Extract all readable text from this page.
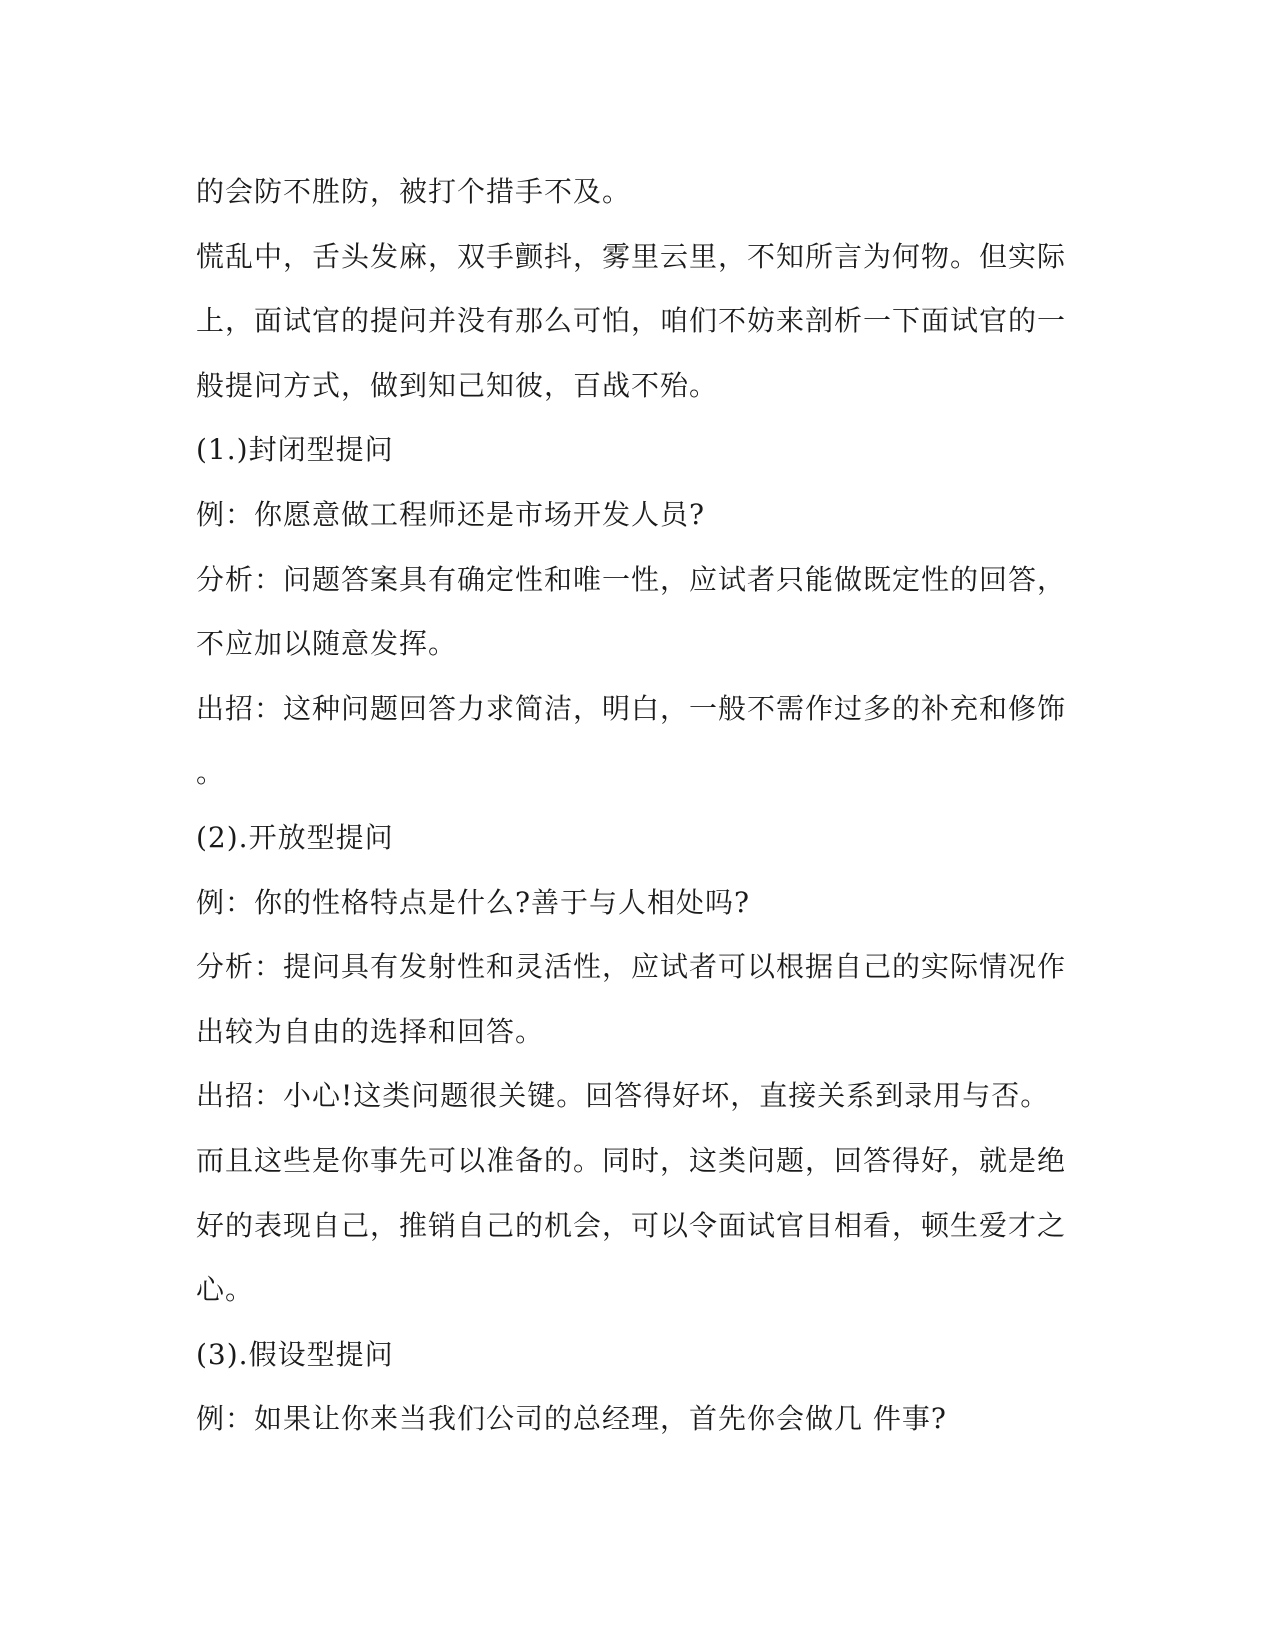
的会防不胜防，被打个措手不及。
慌乱中，舌头发麻，双手颤抖，雾里云里，不知所言为何物。但实际
上，面试官的提问并没有那么可怕，咱们不妨来剖析一下面试官的一
般提问方式，做到知己知彼，百战不殆。
(1.)封闭型提问
例：你愿意做工程师还是市场开发人员?
分析：问题答案具有确定性和唯一性，应试者只能做既定性的回答，
不应加以随意发挥。
出招：这种问题回答力求简洁，明白，一般不需作过多的补充和修饰
。
(2).开放型提问
例：你的性格特点是什么?善于与人相处吗?
分析：提问具有发射性和灵活性，应试者可以根据自己的实际情况作
出较为自由的选择和回答。
出招：小心!这类问题很关键。回答得好坏，直接关系到录用与否。
而且这些是你事先可以准备的。同时，这类问题，回答得好，就是绝
好的表现自己，推销自己的机会，可以令面试官目相看，顿生爱才之
心。
(3).假设型提问
例：如果让你来当我们公司的总经理，首先你会做几 件事?
